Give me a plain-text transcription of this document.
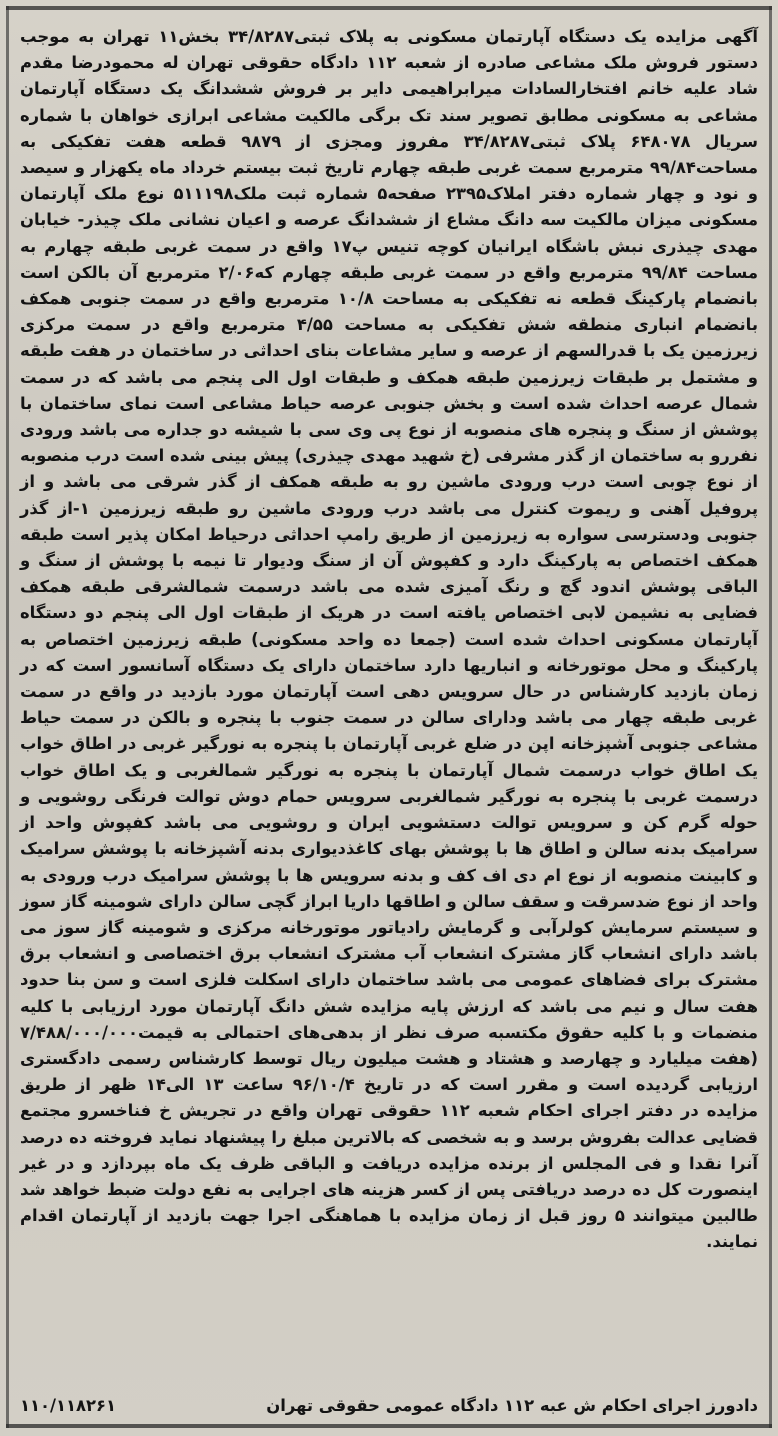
آگهی مزایده یک دستگاه آپارتمان مسکونی به پلاک ثبتی۳۴/۸۲۸۷ بخش۱۱ تهران به موجب دستور فروش ملک مشاعی صادره از شعبه ۱۱۲ دادگاه حقوقی تهران له محمودرضا مقدم شاد علیه خانم افتخارالسادات میرابراهیمی دایر بر فروش ششدانگ یک دستگاه آپارتمان مشاعی به مسکونی مطابق تصویر سند تک برگی مالکیت مشاعی ابرازی خواهان با شماره سریال ۶۴۸۰۷۸ پلاک ثبتی۳۴/۸۲۸۷ مفروز ومجزی از ۹۸۷۹ قطعه هفت تفکیکی به مساحت۹۹/۸۴ مترمربع سمت غربی طبقه چهارم تاریخ ثبت بیستم خرداد ماه یکهزار و سیصد و نود و چهار شماره دفتر املاک۲۳۹۵ صفحه۵ شماره ثبت ملک۵۱۱۱۹۸ نوع ملک آپارتمان مسکونی میزان مالکیت سه دانگ مشاع از ششدانگ عرصه و اعیان نشانی ملک چیذر- خیابان مهدی چیذری نبش باشگاه ایرانیان کوچه تنیس پ۱۷ واقع در سمت غربی طبقه چهارم به مساحت ۹۹/۸۴ مترمربع واقع در سمت غربی طبقه چهارم که۲/۰۶ مترمربع آن بالکن است بانضمام پارکینگ قطعه نه تفکیکی به مساحت ۱۰/۸ مترمربع واقع در سمت جنوبی همکف بانضمام انباری منطقه شش تفکیکی به مساحت ۴/۵۵ مترمربع واقع در سمت مرکزی زیرزمین یک با قدرالسهم از عرصه و سایر مشاعات بنای احداثی در ساختمان در هفت طبقه و مشتمل بر طبقات زیرزمین طبقه همکف و طبقات اول الی پنجم می باشد که در سمت شمال عرصه احداث شده است و بخش جنوبی عرصه حیاط مشاعی است نمای ساختمان با پوشش از سنگ و پنجره های منصوبه از نوع پی وی سی با شیشه دو جداره می باشد ورودی نفررو به ساختمان از گذر مشرفی (خ شهید مهدی چیذری) پیش بینی شده است درب منصوبه از نوع چوبی است درب ورودی ماشین رو به طبقه همکف از گذر شرقی می باشد و از پروفیل آهنی و ریموت کنترل می باشد درب ورودی ماشین رو طبقه زیرزمین ۱-از گذر جنوبی ودسترسی سواره به زیرزمین از طریق رامپ احداثی درحیاط امکان پذیر است طبقه همکف اختصاص به پارکینگ دارد و کفپوش آن از سنگ ودیوار تا نیمه با پوشش از سنگ و الباقی پوشش اندود گچ و رنگ آمیزی شده می باشد درسمت شمالشرقی طبقه همکف فضایی به نشیمن لابی اختصاص یافته است در هریک از طبقات اول الی پنجم دو دستگاه آپارتمان مسکونی احداث شده است (جمعا ده واحد مسکونی) طبقه زیرزمین اختصاص به پارکینگ و محل موتورخانه و انباریها دارد ساختمان دارای یک دستگاه آسانسور است که در زمان بازدید کارشناس در حال سرویس دهی است آپارتمان مورد بازدید در واقع در سمت غربی طبقه چهار می باشد ودارای سالن در سمت جنوب با پنجره و بالکن در سمت حیاط مشاعی جنوبی آشپزخانه اپن در ضلع غربی آپارتمان با پنجره به نورگیر غربی در اطاق خواب یک اطاق خواب درسمت شمال آپارتمان با پنجره به نورگیر شمالغربی و یک اطاق خواب درسمت غربی با پنجره به نورگیر شمالغربی سرویس حمام دوش توالت فرنگی روشویی و حوله گرم کن و سرویس توالت دستشویی ایران و روشویی می باشد کفپوش واحد از سرامیک بدنه سالن و اطاق ها با پوشش بهای کاغذدیواری بدنه آشپزخانه با پوشش سرامیک و کابینت منصوبه از نوع ام دی اف کف و بدنه سرویس ها با پوشش سرامیک درب ورودی به واحد از نوع ضدسرقت و سقف سالن و اطاقها داریا ابراز گچی سالن دارای شومینه گاز سوز و سیستم سرمایش کولرآبی و گرمایش رادیاتور موتورخانه مرکزی و شومینه گاز سوز می باشد دارای انشعاب گاز مشترک انشعاب آب مشترک انشعاب برق اختصاصی و انشعاب برق مشترک برای فضاهای عمومی می باشد ساختمان دارای اسکلت فلزی است و سن بنا حدود هفت سال و نیم می باشد که ارزش پایه مزایده شش دانگ آپارتمان مورد ارزیابی با کلیه منضمات و با کلیه حقوق مکتسبه صرف نظر از بدهی‌های احتمالی به قیمت۷/۴۸۸/۰۰۰/۰۰۰ (هفت میلیارد و چهارصد و هشتاد و هشت میلیون ریال توسط کارشناس رسمی دادگستری ارزیابی گردیده است و مقرر است که در تاریخ ۹۶/۱۰/۴ ساعت ۱۳ الی۱۴ ظهر از طریق مزایده در دفتر اجرای احکام شعبه ۱۱۲ حقوقی تهران واقع در تجریش خ فناخسرو مجتمع قضایی عدالت بفروش برسد و به شخصی که بالاترین مبلغ را پیشنهاد نماید فروخته ده درصد آنرا نقدا و فی المجلس از برنده مزایده دریافت و الباقی ظرف یک ماه بپردازد و در غیر اینصورت کل ده درصد دریافتی پس از کسر هزینه های اجرایی به نفع دولت ضبط خواهد شد طالبین میتوانند ۵ روز قبل از زمان مزایده با هماهنگی اجرا جهت بازدید از آپارتمان اقدام نمایند.
دادورز اجرای احکام ش عبه ۱۱۲ دادگاه عمومی حقوقی تهران
۱۱۰/۱۱۸۲۶۱
